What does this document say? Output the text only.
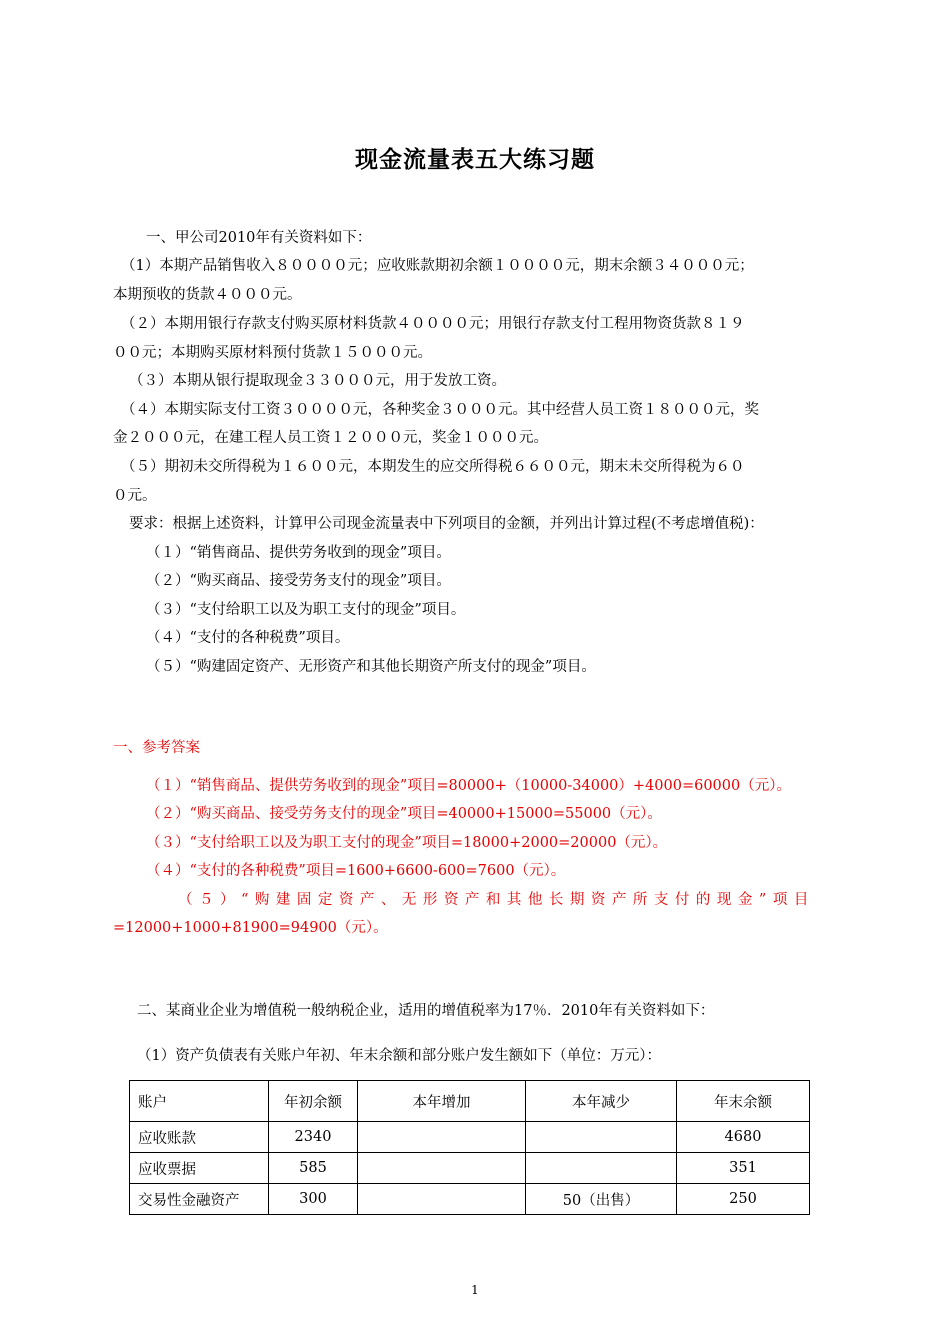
现金流量表五大练习题
一、甲公司2010年有关资料如下：
（1）本期产品销售收入８００００元；应收账款期初余额１００００元，期末余额３４０００元；
本期预收的货款４０００元。
（２）本期用银行存款支付购买原材料货款４００００元；用银行存款支付工程用物资货款８１９
００元；本期购买原材料预付货款１５０００元。
（３）本期从银行提取现金３３０００元，用于发放工资。
（４）本期实际支付工资３００００元，各种奖金３０００元。其中经营人员工资１８０００元，奖
金２０００元，在建工程人员工资１２０００元，奖金１０００元。
（５）期初未交所得税为１６００元，本期发生的应交所得税６６００元，期末未交所得税为６０
０元。
要求：根据上述资料，计算甲公司现金流量表中下列项目的金额，并列出计算过程(不考虑增值税)：
（１）“销售商品、提供劳务收到的现金”项目。
（２）“购买商品、接受劳务支付的现金”项目。
（３）“支付给职工以及为职工支付的现金”项目。
（４）“支付的各种税费”项目。
（５）“购建固定资产、无形资产和其他长期资产所支付的现金”项目。
一、参考答案
（１）“销售商品、提供劳务收到的现金”项目=80000+（10000-34000）+4000=60000（元）。
（２）“购买商品、接受劳务支付的现金”项目=40000+15000=55000（元）。
（３）“支付给职工以及为职工支付的现金”项目=18000+2000=20000（元）。
（４）“支付的各种税费”项目=1600+6600-600=7600（元）。
（５）“购建固定资产、无形资产和其他长期资产所支付的现金”项目
=12000+1000+81900=94900（元）。
二、某商业企业为增值税一般纳税企业，适用的增值税率为17％．2010年有关资料如下：
（1）资产负债表有关账户年初、年末余额和部分账户发生额如下（单位：万元）：
账户	年初余额	本年增加	本年减少	年末余额
应收账款	2340			4680
应收票据	585			351
交易性金融资产	300		50（出售）	250
1
